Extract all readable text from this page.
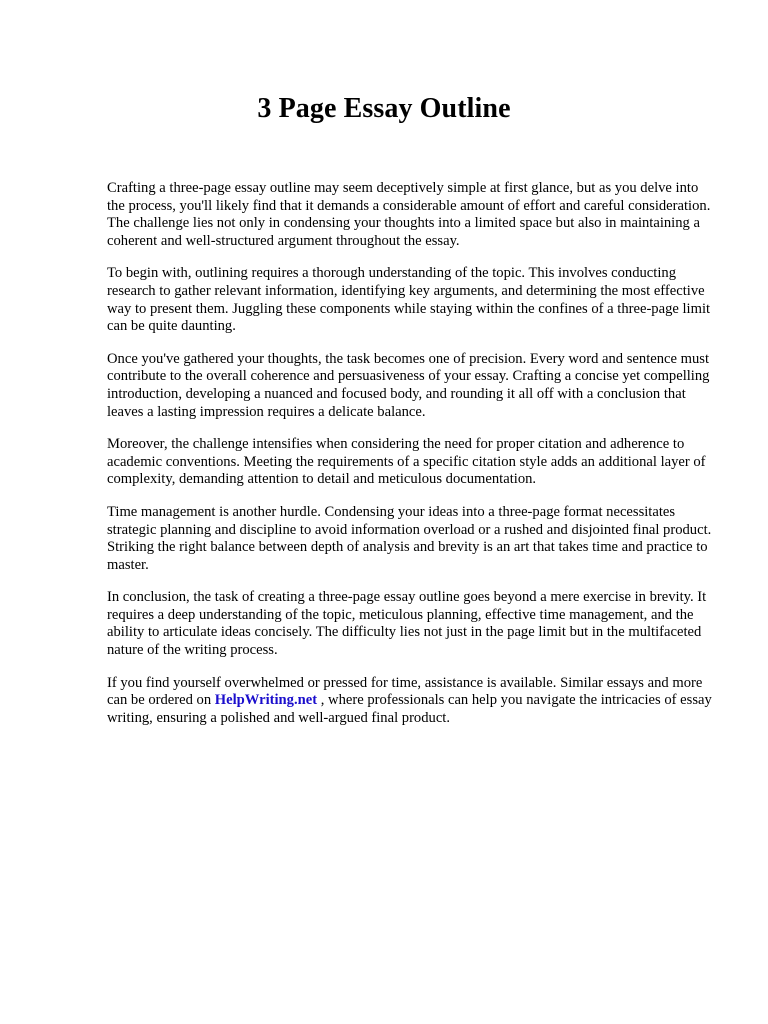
3 Page Essay Outline

Crafting a three-page essay outline may seem deceptively simple at first glance, but as you delve into the process, you'll likely find that it demands a considerable amount of effort and careful consideration. The challenge lies not only in condensing your thoughts into a limited space but also in maintaining a coherent and well-structured argument throughout the essay.

To begin with, outlining requires a thorough understanding of the topic. This involves conducting research to gather relevant information, identifying key arguments, and determining the most effective way to present them. Juggling these components while staying within the confines of a three-page limit can be quite daunting.

Once you've gathered your thoughts, the task becomes one of precision. Every word and sentence must contribute to the overall coherence and persuasiveness of your essay. Crafting a concise yet compelling introduction, developing a nuanced and focused body, and rounding it all off with a conclusion that leaves a lasting impression requires a delicate balance.

Moreover, the challenge intensifies when considering the need for proper citation and adherence to academic conventions. Meeting the requirements of a specific citation style adds an additional layer of complexity, demanding attention to detail and meticulous documentation.

Time management is another hurdle. Condensing your ideas into a three-page format necessitates strategic planning and discipline to avoid information overload or a rushed and disjointed final product. Striking the right balance between depth of analysis and brevity is an art that takes time and practice to master.

In conclusion, the task of creating a three-page essay outline goes beyond a mere exercise in brevity. It requires a deep understanding of the topic, meticulous planning, effective time management, and the ability to articulate ideas concisely. The difficulty lies not just in the page limit but in the multifaceted nature of the writing process.

If you find yourself overwhelmed or pressed for time, assistance is available. Similar essays and more can be ordered on HelpWriting.net , where professionals can help you navigate the intricacies of essay writing, ensuring a polished and well-argued final product.
